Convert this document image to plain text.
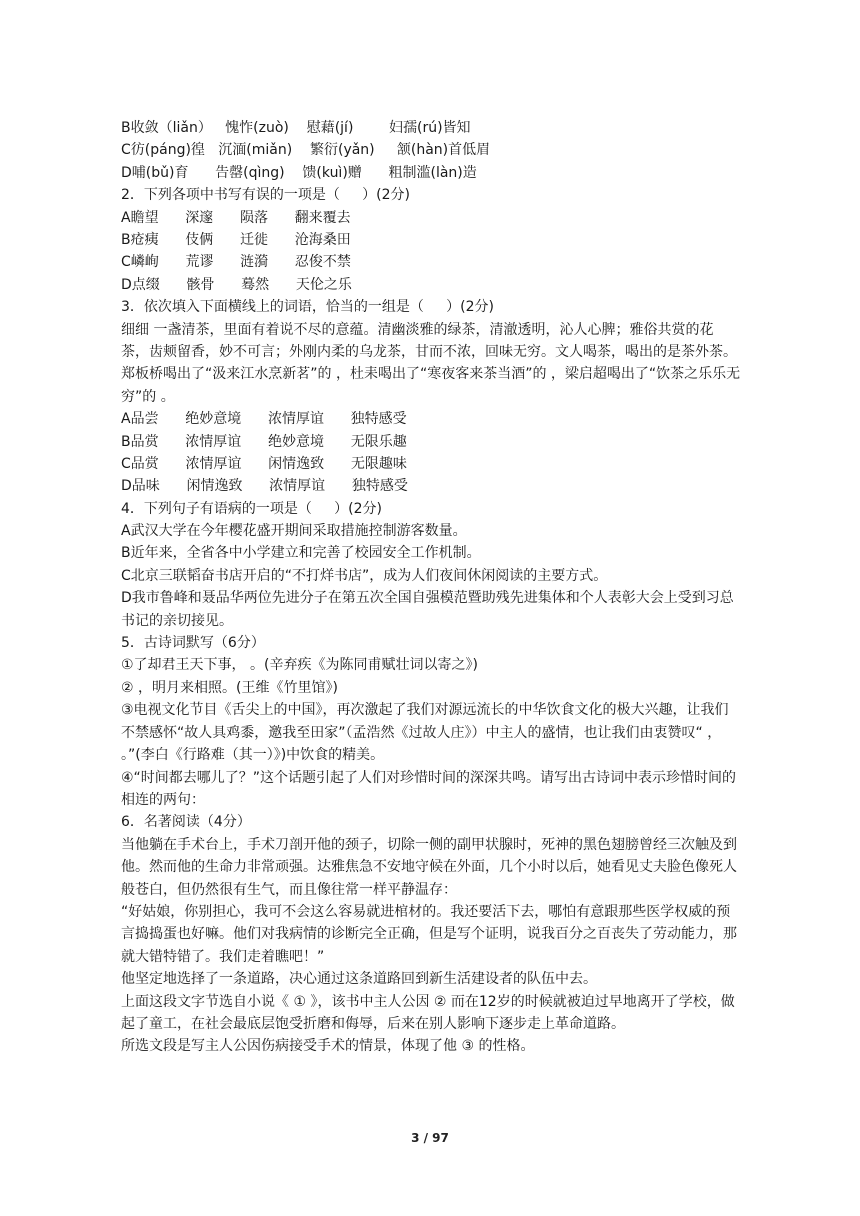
B收敛（liǎn）   愧怍(zuò)    慰藉(jí)        妇孺(rú)皆知
C彷(páng)徨   沉湎(miǎn)    繁衍(yǎn)     颔(hàn)首低眉
D哺(bǔ)育      告罄(qìng)    馈(kuì)赠      粗制滥(làn)造
2．下列各项中书写有误的一项是（     ）(2分)
A瞻望      深邃      陨落      翻来覆去
B疮痍      伎俩      迁徙      沧海桑田
C嶙峋      荒谬      涟漪      忍俊不禁
D点缀      骸骨      蓦然      天伦之乐
3．依次填入下面横线上的词语，恰当的一组是（     ）(2分)
细细 一盏清茶，里面有着说不尽的意蕴。清幽淡雅的绿茶，清澈透明，沁人心脾；雅俗共赏的花茶，齿颊留香，妙不可言；外刚内柔的乌龙茶，甘而不浓，回味无穷。文人喝茶，喝出的是茶外茶。郑板桥喝出了“汲来江水烹新茗”的 ，杜耒喝出了“寒夜客来茶当酒”的 ，梁启超喝出了“饮茶之乐乐无穷”的 。
A品尝      绝妙意境      浓情厚谊      独特感受
B品赏      浓情厚谊      绝妙意境      无限乐趣
C品赏      浓情厚谊      闲情逸致      无限趣味
D品味      闲情逸致      浓情厚谊      独特感受
4．下列句子有语病的一项是（     ）(2分)
A武汉大学在今年樱花盛开期间采取措施控制游客数量。
B近年来，全省各中小学建立和完善了校园安全工作机制。
C北京三联韬奋书店开启的“不打烊书店”，成为人们夜间休闲阅读的主要方式。
D我市鲁峰和聂品华两位先进分子在第五次全国自强模范暨助残先进集体和个人表彰大会上受到习总书记的亲切接见。
5．古诗词默写（6分）
①了却君王天下事， 。(辛弃疾《为陈同甫赋壮词以寄之》)
② ，明月来相照。(王维《竹里馆》)
③电视文化节目《舌尖上的中国》，再次激起了我们对源远流长的中华饮食文化的极大兴趣，让我们不禁感怀“故人具鸡黍，邀我至田家”（孟浩然《过故人庄》）中主人的盛情，也让我们由衷赞叹“ ， 。”(李白《行路难（其一）》)中饮食的精美。
④“时间都去哪儿了？”这个话题引起了人们对珍惜时间的深深共鸣。请写出古诗词中表示珍惜时间的相连的两句：
6．名著阅读（4分）
当他躺在手术台上，手术刀剖开他的颈子，切除一侧的副甲状腺时，死神的黑色翅膀曾经三次触及到他。然而他的生命力非常顽强。达雅焦急不安地守候在外面，几个小时以后，她看见丈夫脸色像死人般苍白，但仍然很有生气，而且像往常一样平静温存：
“好姑娘，你别担心，我可不会这么容易就进棺材的。我还要活下去，哪怕有意跟那些医学权威的预言捣捣蛋也好嘛。他们对我病情的诊断完全正确，但是写个证明，说我百分之百丧失了劳动能力，那就大错特错了。我们走着瞧吧！”
他坚定地选择了一条道路，决心通过这条道路回到新生活建设者的队伍中去。
上面这段文字节选自小说《 ① 》，该书中主人公因 ② 而在12岁的时候就被迫过早地离开了学校，做起了童工，在社会最底层饱受折磨和侮辱，后来在别人影响下逐步走上革命道路。
所选文段是写主人公因伤病接受手术的情景，体现了他 ③ 的性格。
3 / 97
